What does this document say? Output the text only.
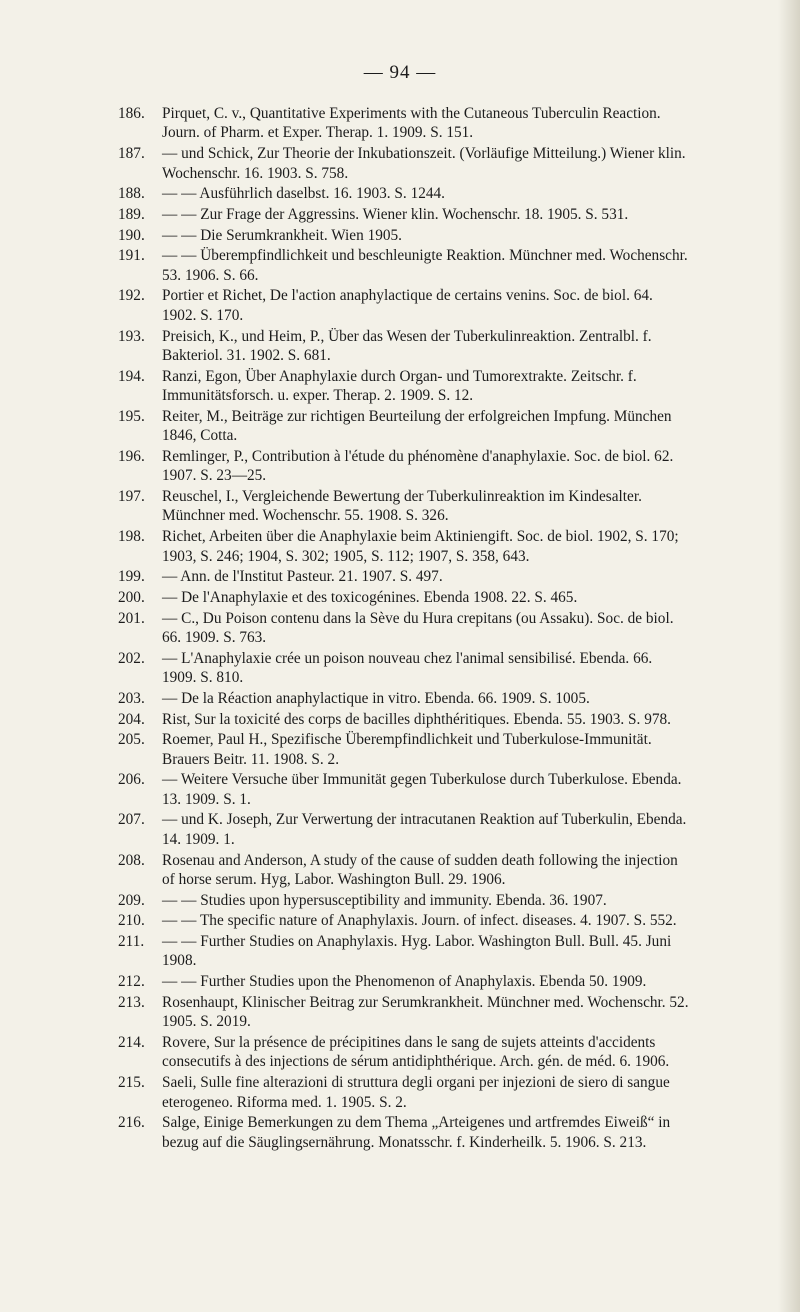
— 94 —
186. Pirquet, C. v., Quantitative Experiments with the Cutaneous Tuberculin Reaction. Journ. of Pharm. et Exper. Therap. 1. 1909. S. 151.
187. — und Schick, Zur Theorie der Inkubationszeit. (Vorläufige Mitteilung.) Wiener klin. Wochenschr. 16. 1903. S. 758.
188. — — Ausführlich daselbst. 16. 1903. S. 1244.
189. — — Zur Frage der Aggressins. Wiener klin. Wochenschr. 18. 1905. S. 531.
190. — — Die Serumkrankheit. Wien 1905.
191. — — Überempfindlichkeit und beschleunigte Reaktion. Münchner med. Wochenschr. 53. 1906. S. 66.
192. Portier et Richet, De l'action anaphylactique de certains venins. Soc. de biol. 64. 1902. S. 170.
193. Preisich, K., und Heim, P., Über das Wesen der Tuberkulinreaktion. Zentralbl. f. Bakteriol. 31. 1902. S. 681.
194. Ranzi, Egon, Über Anaphylaxie durch Organ- und Tumorextrakte. Zeitschr. f. Immunitätsforsch. u. exper. Therap. 2. 1909. S. 12.
195. Reiter, M., Beiträge zur richtigen Beurteilung der erfolgreichen Impfung. München 1846, Cotta.
196. Remlinger, P., Contribution à l'étude du phénomène d'anaphylaxie. Soc. de biol. 62. 1907. S. 23—25.
197. Reuschel, I., Vergleichende Bewertung der Tuberkulinreaktion im Kindesalter. Münchner med. Wochenschr. 55. 1908. S. 326.
198. Richet, Arbeiten über die Anaphylaxie beim Aktiniengift. Soc. de biol. 1902, S. 170; 1903, S. 246; 1904, S. 302; 1905, S. 112; 1907, S. 358, 643.
199. — Ann. de l'Institut Pasteur. 21. 1907. S. 497.
200. — De l'Anaphylaxie et des toxicogénines. Ebenda 1908. 22. S. 465.
201. — C., Du Poison contenu dans la Sève du Hura crepitans (ou Assaku). Soc. de biol. 66. 1909. S. 763.
202. — L'Anaphylaxie crée un poison nouveau chez l'animal sensibilisé. Ebenda. 66. 1909. S. 810.
203. — De la Réaction anaphylactique in vitro. Ebenda. 66. 1909. S. 1005.
204. Rist, Sur la toxicité des corps de bacilles diphthéritiques. Ebenda. 55. 1903. S. 978.
205. Roemer, Paul H., Spezifische Überempfindlichkeit und Tuberkulose-Immunität. Brauers Beitr. 11. 1908. S. 2.
206. — Weitere Versuche über Immunität gegen Tuberkulose durch Tuberkulose. Ebenda. 13. 1909. S. 1.
207. — und K. Joseph, Zur Verwertung der intracutanen Reaktion auf Tuberkulin, Ebenda. 14. 1909. 1.
208. Rosenau and Anderson, A study of the cause of sudden death following the injection of horse serum. Hyg, Labor. Washington Bull. 29. 1906.
209. — — Studies upon hypersusceptibility and immunity. Ebenda. 36. 1907.
210. — — The specific nature of Anaphylaxis. Journ. of infect. diseases. 4. 1907. S. 552.
211. — — Further Studies on Anaphylaxis. Hyg. Labor. Washington Bull. Bull. 45. Juni 1908.
212. — — Further Studies upon the Phenomenon of Anaphylaxis. Ebenda 50. 1909.
213. Rosenhaupt, Klinischer Beitrag zur Serumkrankheit. Münchner med. Wochenschr. 52. 1905. S. 2019.
214. Rovere, Sur la présence de précipitines dans le sang de sujets atteints d'accidents consecutifs à des injections de sérum antidiphthérique. Arch. gén. de méd. 6. 1906.
215. Saeli, Sulle fine alterazioni di struttura degli organi per injezioni de siero di sangue eterogeneo. Riforma med. 1. 1905. S. 2.
216. Salge, Einige Bemerkungen zu dem Thema „Arteigenes und artfremdes Eiweiß“ in bezug auf die Säuglingsernährung. Monatsschr. f. Kinderheilk. 5. 1906. S. 213.
